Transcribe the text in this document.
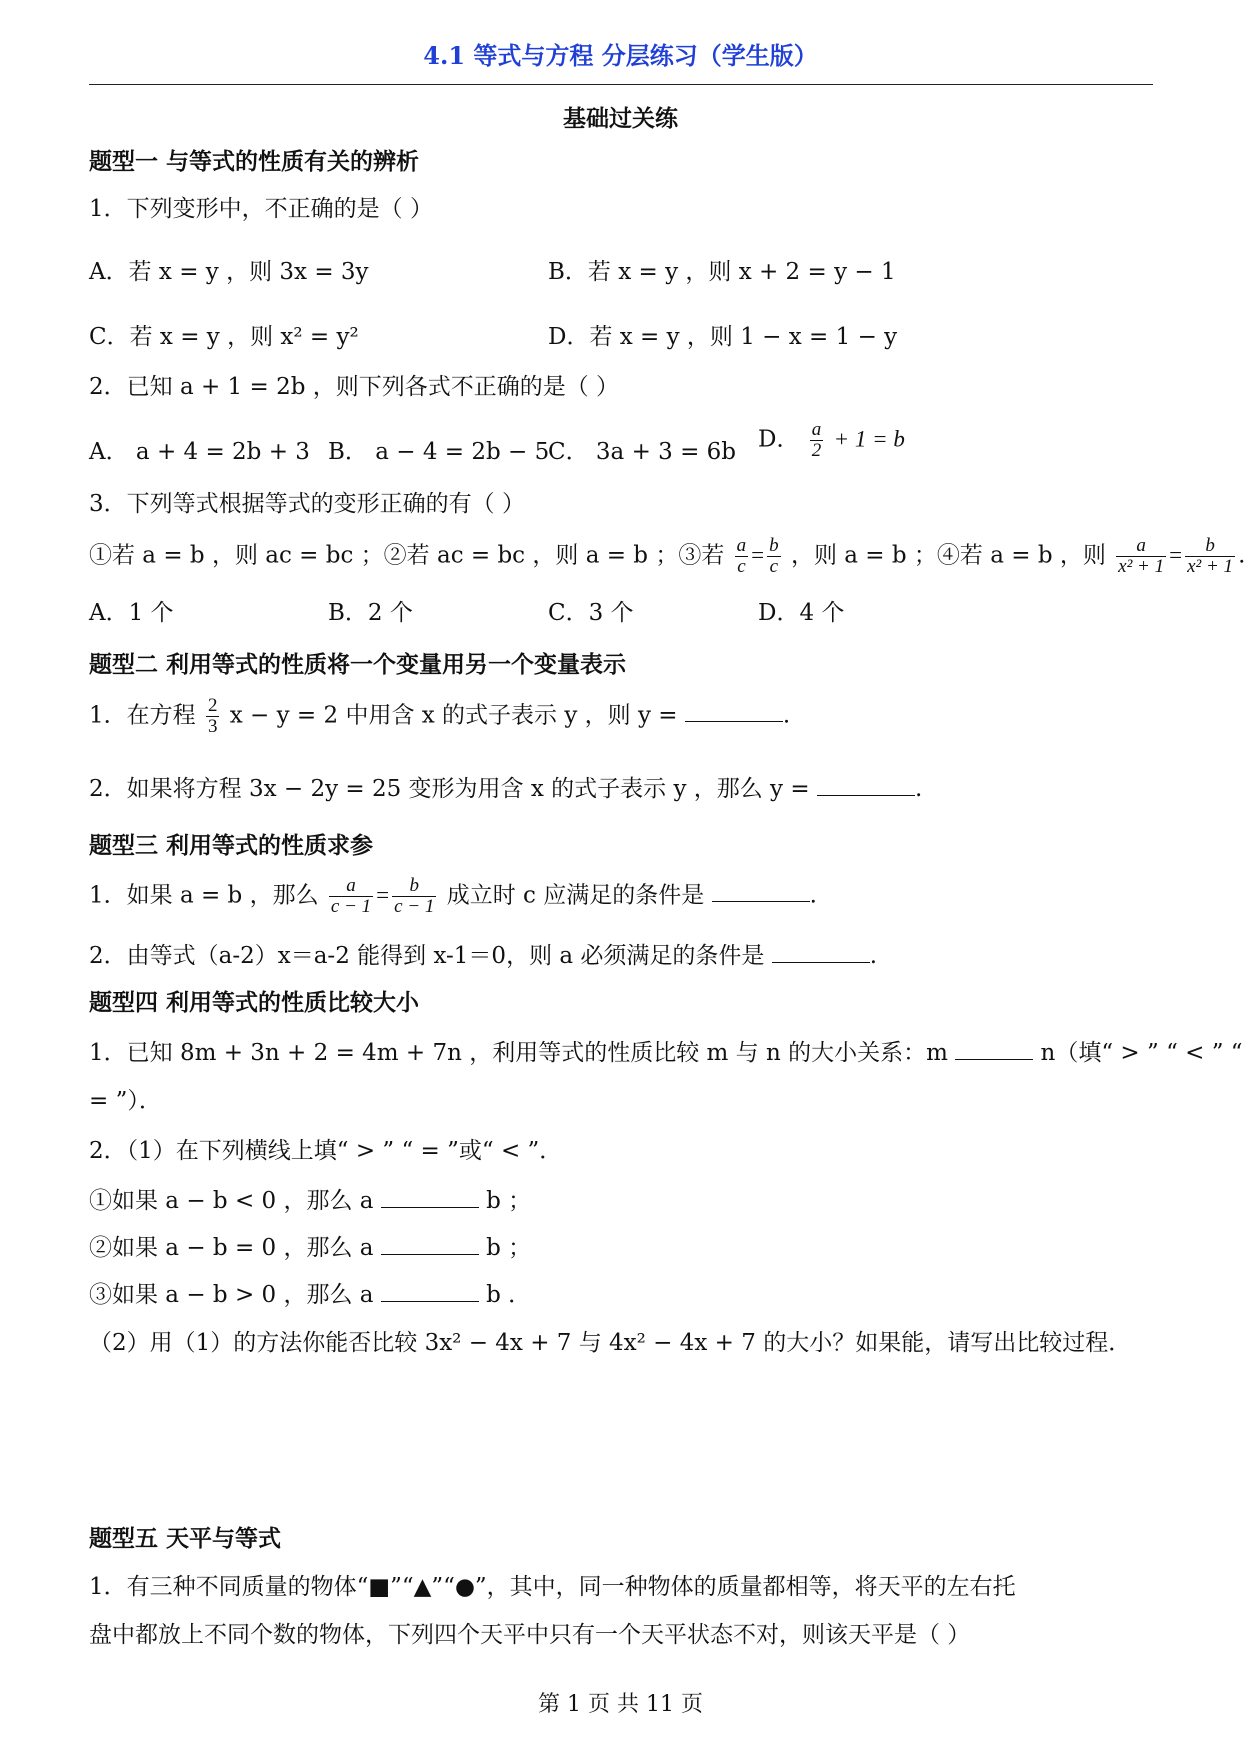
4.1 等式与方程 分层练习（学生版）
基础过关练
题型一 与等式的性质有关的辨析
1．下列变形中，不正确的是（ ）
A．若 x = y ，则 3x = 3y	B．若 x = y ，则 x + 2 = y − 1
C．若 x = y ，则 x² = y²	D．若 x = y ，则 1 − x = 1 − y
2．已知 a + 1 = 2b ，则下列各式不正确的是（ ）
A． a + 4 = 2b + 3 B． a − 4 = 2b − 5
C． 3a + 3 = 6b D． $\frac{a}{2} + 1 = b$
3．下列等式根据等式的变形正确的有（ ）
①若 a = b ，则 ac = bc ；②若 ac = bc ，则 a = b ；③若 $\frac{a}{c} = \frac{b}{c}$ ，则 a = b ；④若 a = b ，则 $\frac{a}{\text{x² + 1}} = \frac{b}{\text{x² + 1}}$ .
A．1 个	B．2 个	C．3 个	D．4 个
题型二 利用等式的性质将一个变量用另一个变量表示
1．在方程 $\frac{2}{3}$ x − y = 2 中用含 x 的式子表示 y ，则 y =	.
2．如果将方程 3x − 2y = 25 变形为用含 x 的式子表示 y ，那么 y =	.
题型三 利用等式的性质求参
1．如果 a = b ，那么 $\frac{a}{c - 1} = \frac{b}{c - 1}$ 成立时 c 应满足的条件是	.
2．由等式（a-2）x＝a-2 能得到 x-1＝0，则 a 必须满足的条件是	.
题型四 利用等式的性质比较大小
1．已知 8m + 3n + 2 = 4m + 7n ，利用等式的性质比较 m 与 n 的大小关系：m	n（填“ > ” “ < ” “
= ”）．
2．（1）在下列横线上填“ > ” “ = ”或“ < ”．
①如果 a − b < 0 ，那么 a	b ；
②如果 a − b = 0 ，那么 a	b ；
③如果 a − b > 0 ，那么 a	b ．
（2）用（1）的方法你能否比较 3x² − 4x + 7 与 4x² − 4x + 7 的大小？如果能，请写出比较过程．
题型五 天平与等式
1．有三种不同质量的物体“■”“▲”“●”，其中，同一种物体的质量都相等，将天平的左右托
盘中都放上不同个数的物体，下列四个天平中只有一个天平状态不对，则该天平是（ ）
第 1 页 共 11 页
